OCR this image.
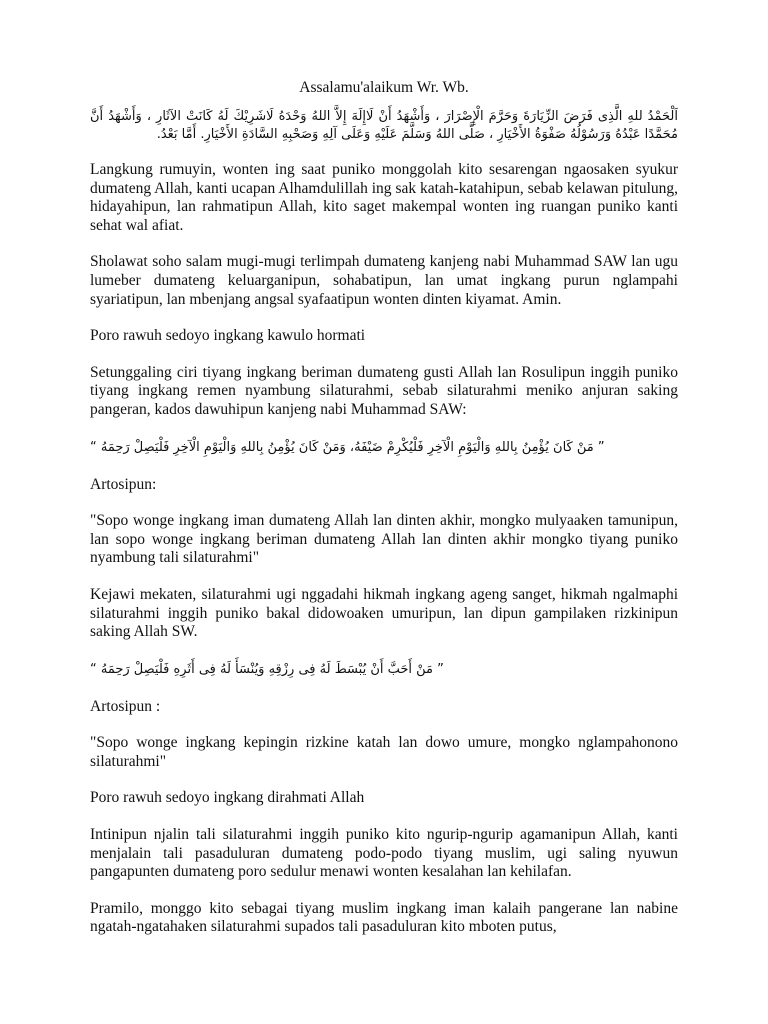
Assalamu'alaikum Wr. Wb.
اَلْحَمْدُ للهِ الَّذِى فَرَضَ الزِّيَارَةَ وَحَرَّمَ الْإِصْرَارَ ، وَأَشْهَدُ أَنْ لَاإِلَهَ إِلاَّ اللهُ وَحْدَهُ لَاشَرِيْكَ لَهُ كَانَتْ الآثَارِ ، وَأَشْهَدُ أَنَّ مُحَمَّدًا عَبْدُهُ وَرَسُوْلُهُ صَفْوَةُ الأَخْيَارِ ، صَلَّى اللهُ وَسَلَّمَ عَلَيْهِ وَعَلَى آلِهِ وَصَحْبِهِ السَّادَةِ الأَخْيَارِ. أَمَّا بَعْدُ.

Langkung rumuyin, wonten ing saat puniko monggolah kito sesarengan ngaosaken syukur dumateng Allah, kanti ucapan Alhamdulillah ing sak katah-katahipun, sebab kelawan pitulung, hidayahipun, lan rahmatipun Allah, kito saget makempal wonten ing ruangan puniko kanti sehat wal afiat.

Sholawat soho salam mugi-mugi terlimpah dumateng kanjeng nabi Muhammad SAW lan ugu lumeber dumateng keluarganipun, sohabatipun, lan umat ingkang purun nglampahi syariatipun, lan mbenjang angsal syafaatipun wonten dinten kiyamat. Amin.

Poro rawuh sedoyo ingkang kawulo hormati

Setunggaling ciri tiyang ingkang beriman dumateng gusti Allah lan Rosulipun inggih puniko tiyang ingkang remen nyambung silaturahmi, sebab silaturahmi meniko anjuran saking pangeran, kados dawuhipun kanjeng nabi Muhammad SAW:

” مَنْ كَانَ يُؤْمِنُ بِاللهِ وَالْيَوْمِ الْآخِرِ فَلْيُكْرِمْ ضَيْفَهُ، وَمَنْ كَانَ يُؤْمِنُ بِاللهِ وَالْيَوْمِ الْآخِرِ فَلْيَصِلْ رَحِمَهُ “

Artosipun:

"Sopo wonge ingkang iman dumateng Allah lan dinten akhir, mongko mulyaaken tamunipun, lan sopo wonge ingkang beriman dumateng Allah lan dinten akhir mongko tiyang puniko nyambung tali silaturahmi"

Kejawi mekaten, silaturahmi ugi nggadahi hikmah ingkang ageng sanget, hikmah ngalmaphi silaturahmi inggih puniko bakal didowoaken umuripun, lan dipun gampilaken rizkinipun saking Allah SW.

” مَنْ أَحَبَّ أَنْ يُبْسَطَ لَهُ فِى رِزْقِهِ وَيُنْسَأَ لَهُ فِى أَثَرِهِ فَلْيَصِلْ رَحِمَهُ “

Artosipun :

"Sopo wonge ingkang kepingin rizkine katah lan dowo umure, mongko nglampahonono silaturahmi"

Poro rawuh sedoyo ingkang dirahmati Allah

Intinipun njalin tali silaturahmi inggih puniko kito ngurip-ngurip agamanipun Allah, kanti menjalain tali pasaduluran dumateng podo-podo tiyang muslim, ugi saling nyuwun pangapunten dumateng poro sedulur menawi wonten kesalahan lan kehilafan.

Pramilo, monggo kito sebagai tiyang muslim ingkang iman kalaih pangerane lan nabine ngatah-ngatahaken silaturahmi supados tali pasaduluran kito mboten putus,
